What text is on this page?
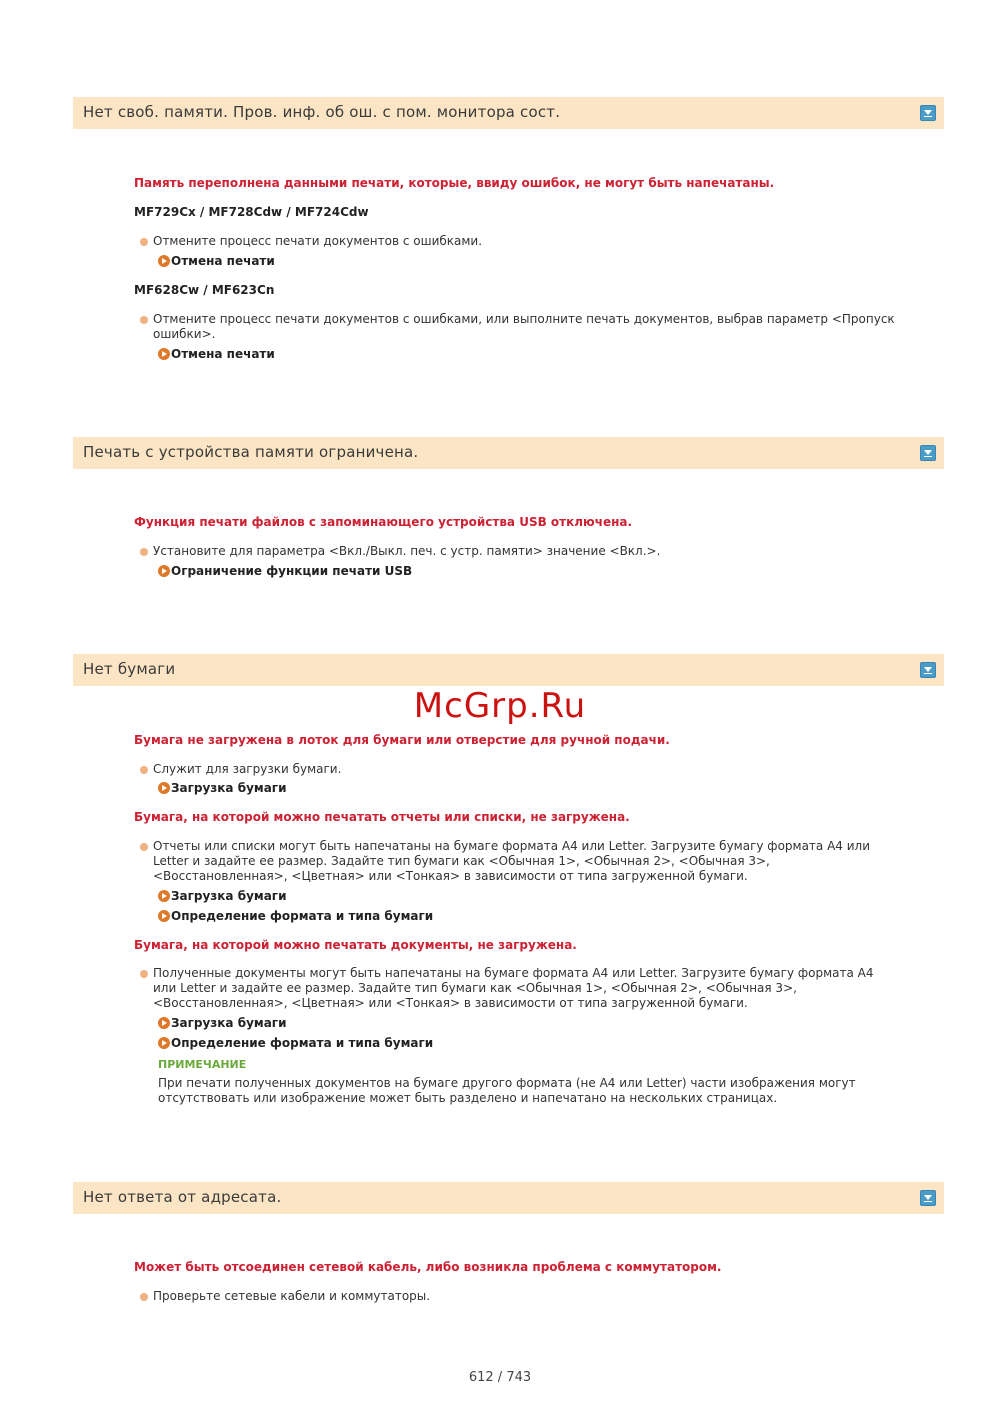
Нет своб. памяти. Пров. инф. об ош. с пом. монитора сост.
Память переполнена данными печати, которые, ввиду ошибок, не могут быть напечатаны.
MF729Cx / MF728Cdw / MF724Cdw
Отмените процесс печати документов с ошибками.
Отмена печати
MF628Cw / MF623Cn
Отмените процесс печати документов с ошибками, или выполните печать документов, выбрав параметр <Пропуск ошибки>.
Отмена печати
Печать с устройства памяти ограничена.
Функция печати файлов с запоминающего устройства USB отключена.
Установите для параметра <Вкл./Выкл. печ. с устр. памяти> значение <Вкл.>.
Ограничение функции печати USB
Нет бумаги
McGrp.Ru
Бумага не загружена в лоток для бумаги или отверстие для ручной подачи.
Служит для загрузки бумаги.
Загрузка бумаги
Бумага, на которой можно печатать отчеты или списки, не загружена.
Отчеты или списки могут быть напечатаны на бумаге формата A4 или Letter. Загрузите бумагу формата A4 или Letter и задайте ее размер. Задайте тип бумаги как <Обычная 1>, <Обычная 2>, <Обычная 3>, <Восстановленная>, <Цветная> или <Тонкая> в зависимости от типа загруженной бумаги.
Загрузка бумаги
Определение формата и типа бумаги
Бумага, на которой можно печатать документы, не загружена.
Полученные документы могут быть напечатаны на бумаге формата A4 или Letter. Загрузите бумагу формата A4 или Letter и задайте ее размер. Задайте тип бумаги как <Обычная 1>, <Обычная 2>, <Обычная 3>, <Восстановленная>, <Цветная> или <Тонкая> в зависимости от типа загруженной бумаги.
Загрузка бумаги
Определение формата и типа бумаги
ПРИМЕЧАНИЕ
При печати полученных документов на бумаге другого формата (не A4 или Letter) части изображения могут отсутствовать или изображение может быть разделено и напечатано на нескольких страницах.
Нет ответа от адресата.
Может быть отсоединен сетевой кабель, либо возникла проблема с коммутатором.
Проверьте сетевые кабели и коммутаторы.
612 / 743
